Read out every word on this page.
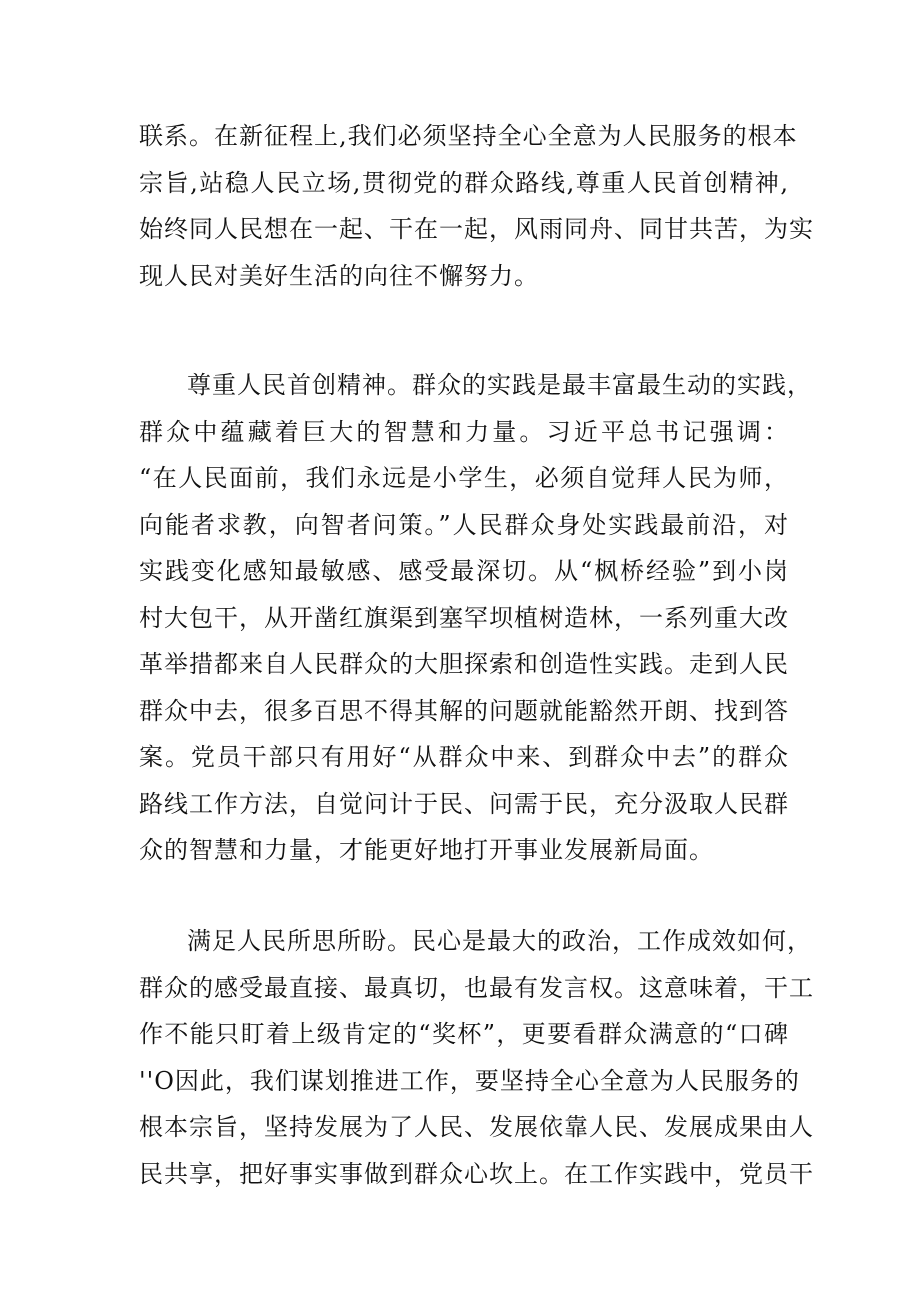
联系。在新征程上,我们必须坚持全心全意为人民服务的根本
宗旨,站稳人民立场,贯彻党的群众路线,尊重人民首创精神,
始终同人民想在一起、干在一起，风雨同舟、同甘共苦，为实
现人民对美好生活的向往不懈努力。
尊重人民首创精神。群众的实践是最丰富最生动的实践，
群众中蕴藏着巨大的智慧和力量。习近平总书记强调：
“在人民面前，我们永远是小学生，必须自觉拜人民为师，
向能者求教，向智者问策。”人民群众身处实践最前沿，对
实践变化感知最敏感、感受最深切。从“枫桥经验”到小岗
村大包干，从开凿红旗渠到塞罕坝植树造林，一系列重大改
革举措都来自人民群众的大胆探索和创造性实践。走到人民
群众中去，很多百思不得其解的问题就能豁然开朗、找到答
案。党员干部只有用好“从群众中来、到群众中去”的群众
路线工作方法，自觉问计于民、问需于民，充分汲取人民群
众的智慧和力量，才能更好地打开事业发展新局面。
满足人民所思所盼。民心是最大的政治，工作成效如何，
群众的感受最直接、最真切，也最有发言权。这意味着，干工
作不能只盯着上级肯定的“奖杯”，更要看群众满意的“口碑
''O因此，我们谋划推进工作，要坚持全心全意为人民服务的
根本宗旨，坚持发展为了人民、发展依靠人民、发展成果由人
民共享，把好事实事做到群众心坎上。在工作实践中，党员干
